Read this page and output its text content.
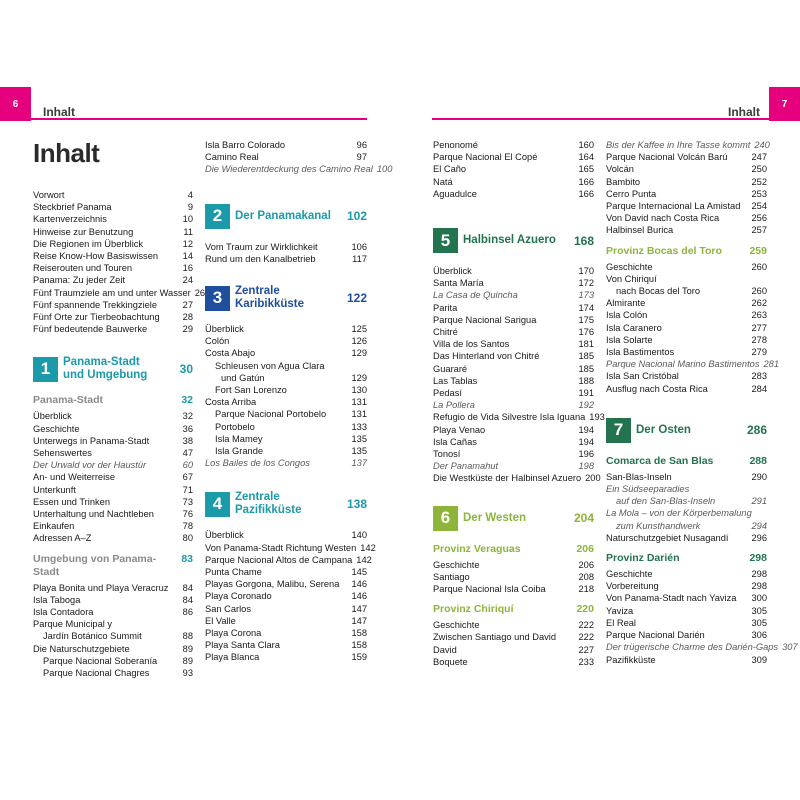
6	7
Inhalt	Inhalt
Inhalt
Vorwort	4
Steckbrief Panama	9
Kartenverzeichnis	10
Hinweise zur Benutzung	11
Die Regionen im Überblick	12
Reise Know-How Basiswissen	14
Reiserouten und Touren	16
Panama: Zu jeder Zeit	24
Fünf Traumziele am und unter Wasser 26
Fünf spannende Trekkingziele	27
Fünf Orte zur Tierbeobachtung	28
Fünf bedeutende Bauwerke	29
1	Panama-Stadt
und Umgebung	30
Panama-Stadt	32
Überblick	32
Geschichte	36
Unterwegs in Panama-Stadt	38
Sehenswertes	47
Der Urwald vor der Haustür	60
An- und Weiterreise	67
Unterkunft	71
Essen und Trinken	73
Unterhaltung und Nachtleben	76
Einkaufen	78
Adressen A–Z	80
Umgebung von Panama-Stadt
83
Playa Bonita und Playa Veracruz	84
Isla Taboga	84
Isla Contadora	86
Parque Municipal y
Jardín Botánico Summit	88
Die Naturschutzgebiete	89
Parque Nacional Soberanía	89
Parque Nacional Chagres	93
Isla Barro Colorado	96
Camino Real	97
Die Wiederentdeckung des Camino Real 100
2	Der Panamakanal	102
Vom Traum zur Wirklichkeit	106
Rund um den Kanalbetrieb	117
3	Zentrale
Karibikküste	122
Überblick	125
Colón	126
Costa Abajo	129
Schleusen von Agua Clara
und Gatún	129
Fort San Lorenzo	130
Costa Arriba	131
Parque Nacional Portobelo	131
Portobelo	133
Isla Mamey	135
Isla Grande	135
Los Bailes de los Congos	137
4	Zentrale
Pazifikküste	138
Überblick	140
Von Panama-Stadt Richtung Westen 142
Parque Nacional Altos de Campana 142
Punta Chame	145
Playas Gorgona, Malibu, Serena	146
Playa Coronado	146
San Carlos	147
El Valle	147
Playa Corona	158
Playa Santa Clara	158
Playa Blanca	159
Penonomé	160
Parque Nacional El Copé	164
El Caño	165
Natá	166
Aguadulce	166
5	Halbinsel Azuero	168
Überblick	170
Santa María	172
La Casa de Quincha	173
Parita	174
Parque Nacional Sarigua	175
Chitré	176
Villa de los Santos	181
Das Hinterland von Chitré	185
Guararé	185
Las Tablas	188
Pedasí	191
La Pollera	192
Refugio de Vida Silvestre Isla Iguana 193
Playa Venao	194
Isla Cañas	194
Tonosí	196
Der Panamahut	198
Die Westküste der Halbinsel Azuero 200
6	Der Westen	204
Provinz Veraguas	206
Geschichte	206
Santiago	208
Parque Nacional Isla Coiba	218
Provinz Chiriquí	220
Geschichte	222
Zwischen Santiago und David	222
David	227
Boquete	233
Bis der Kaffee in Ihre Tasse kommt 240
Parque Nacional Volcán Barú	247
Volcán	250
Bambito	252
Cerro Punta	253
Parque Internacional La Amistad	254
Von David nach Costa Rica	256
Halbinsel Burica	257
Provinz Bocas del Toro	259
Geschichte	260
Von Chiriquí
nach Bocas del Toro	260
Almirante	262
Isla Colón	263
Isla Caranero	277
Isla Solarte	278
Isla Bastimentos	279
Parque Nacional Marino Bastimentos 281
Isla San Cristóbal	283
Ausflug nach Costa Rica	284
7	Der Osten	286
Comarca de San Blas	288
San-Blas-Inseln	290
Ein Südseeparadies
auf den San-Blas-Inseln	291
La Mola – von der Körperbemalung
zum Kunsthandwerk	294
Naturschutzgebiet Nusagandí	296
Provinz Darién	298
Geschichte	298
Vorbereitung	298
Von Panama-Stadt nach Yaviza	300
Yaviza	305
El Real	305
Parque Nacional Darién	306
Der trügerische Charme des Darién-Gaps 307
Pazifikküste	309
